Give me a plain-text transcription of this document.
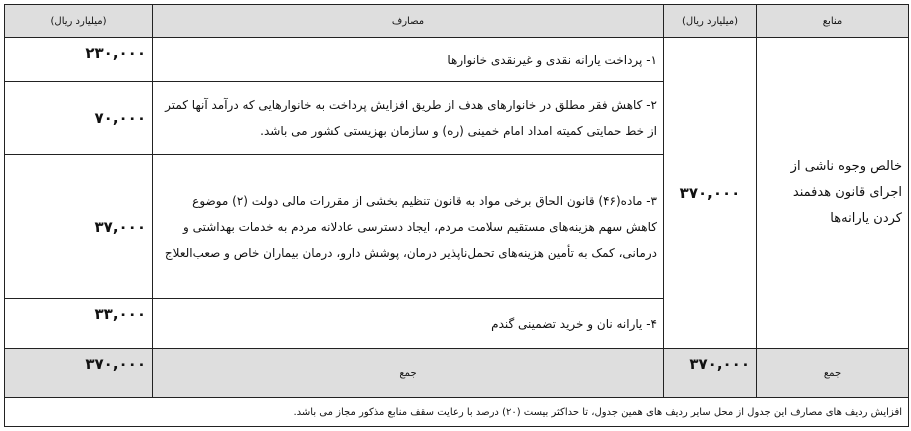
منابع	(میلیارد ریال)	مصارف	(میلیارد ریال)
خالص وجوه ناشی از اجرای قانون هدفمند کردن یارانه‌ها	۳۷۰,۰۰۰	۱- پرداخت یارانه نقدی و غیرنقدی خانوارها	۲۳۰,۰۰۰
		۲- کاهش فقر مطلق در خانوارهای هدف از طریق افزایش پرداخت به خانوارهایی که درآمد آنها کمتر از خط حمایتی کمیته امداد امام خمینی (ره) و سازمان بهزیستی کشور می باشد.	۷۰,۰۰۰
		۳- ماده(۴۶) قانون الحاق برخی مواد به قانون تنظیم بخشی از مقررات مالی دولت (۲) موضوع کاهش سهم هزینه‌های مستقیم سلامت مردم، ایجاد دسترسی عادلانه مردم به خدمات بهداشتی و درمانی، کمک به تأمین هزینه‌های تحمل‌ناپذیر درمان، پوشش دارو، درمان بیماران خاص و صعب‌العلاج	۳۷,۰۰۰
		۴- یارانه نان و خرید تضمینی گندم	۳۳,۰۰۰
جمع	۳۷۰,۰۰۰	جمع	۳۷۰,۰۰۰
افزایش ردیف های مصارف این جدول از محل سایر ردیف های همین جدول، تا حداکثر بیست (۲۰) درصد با رعایت سقف منابع مذکور مجاز می باشد.			
